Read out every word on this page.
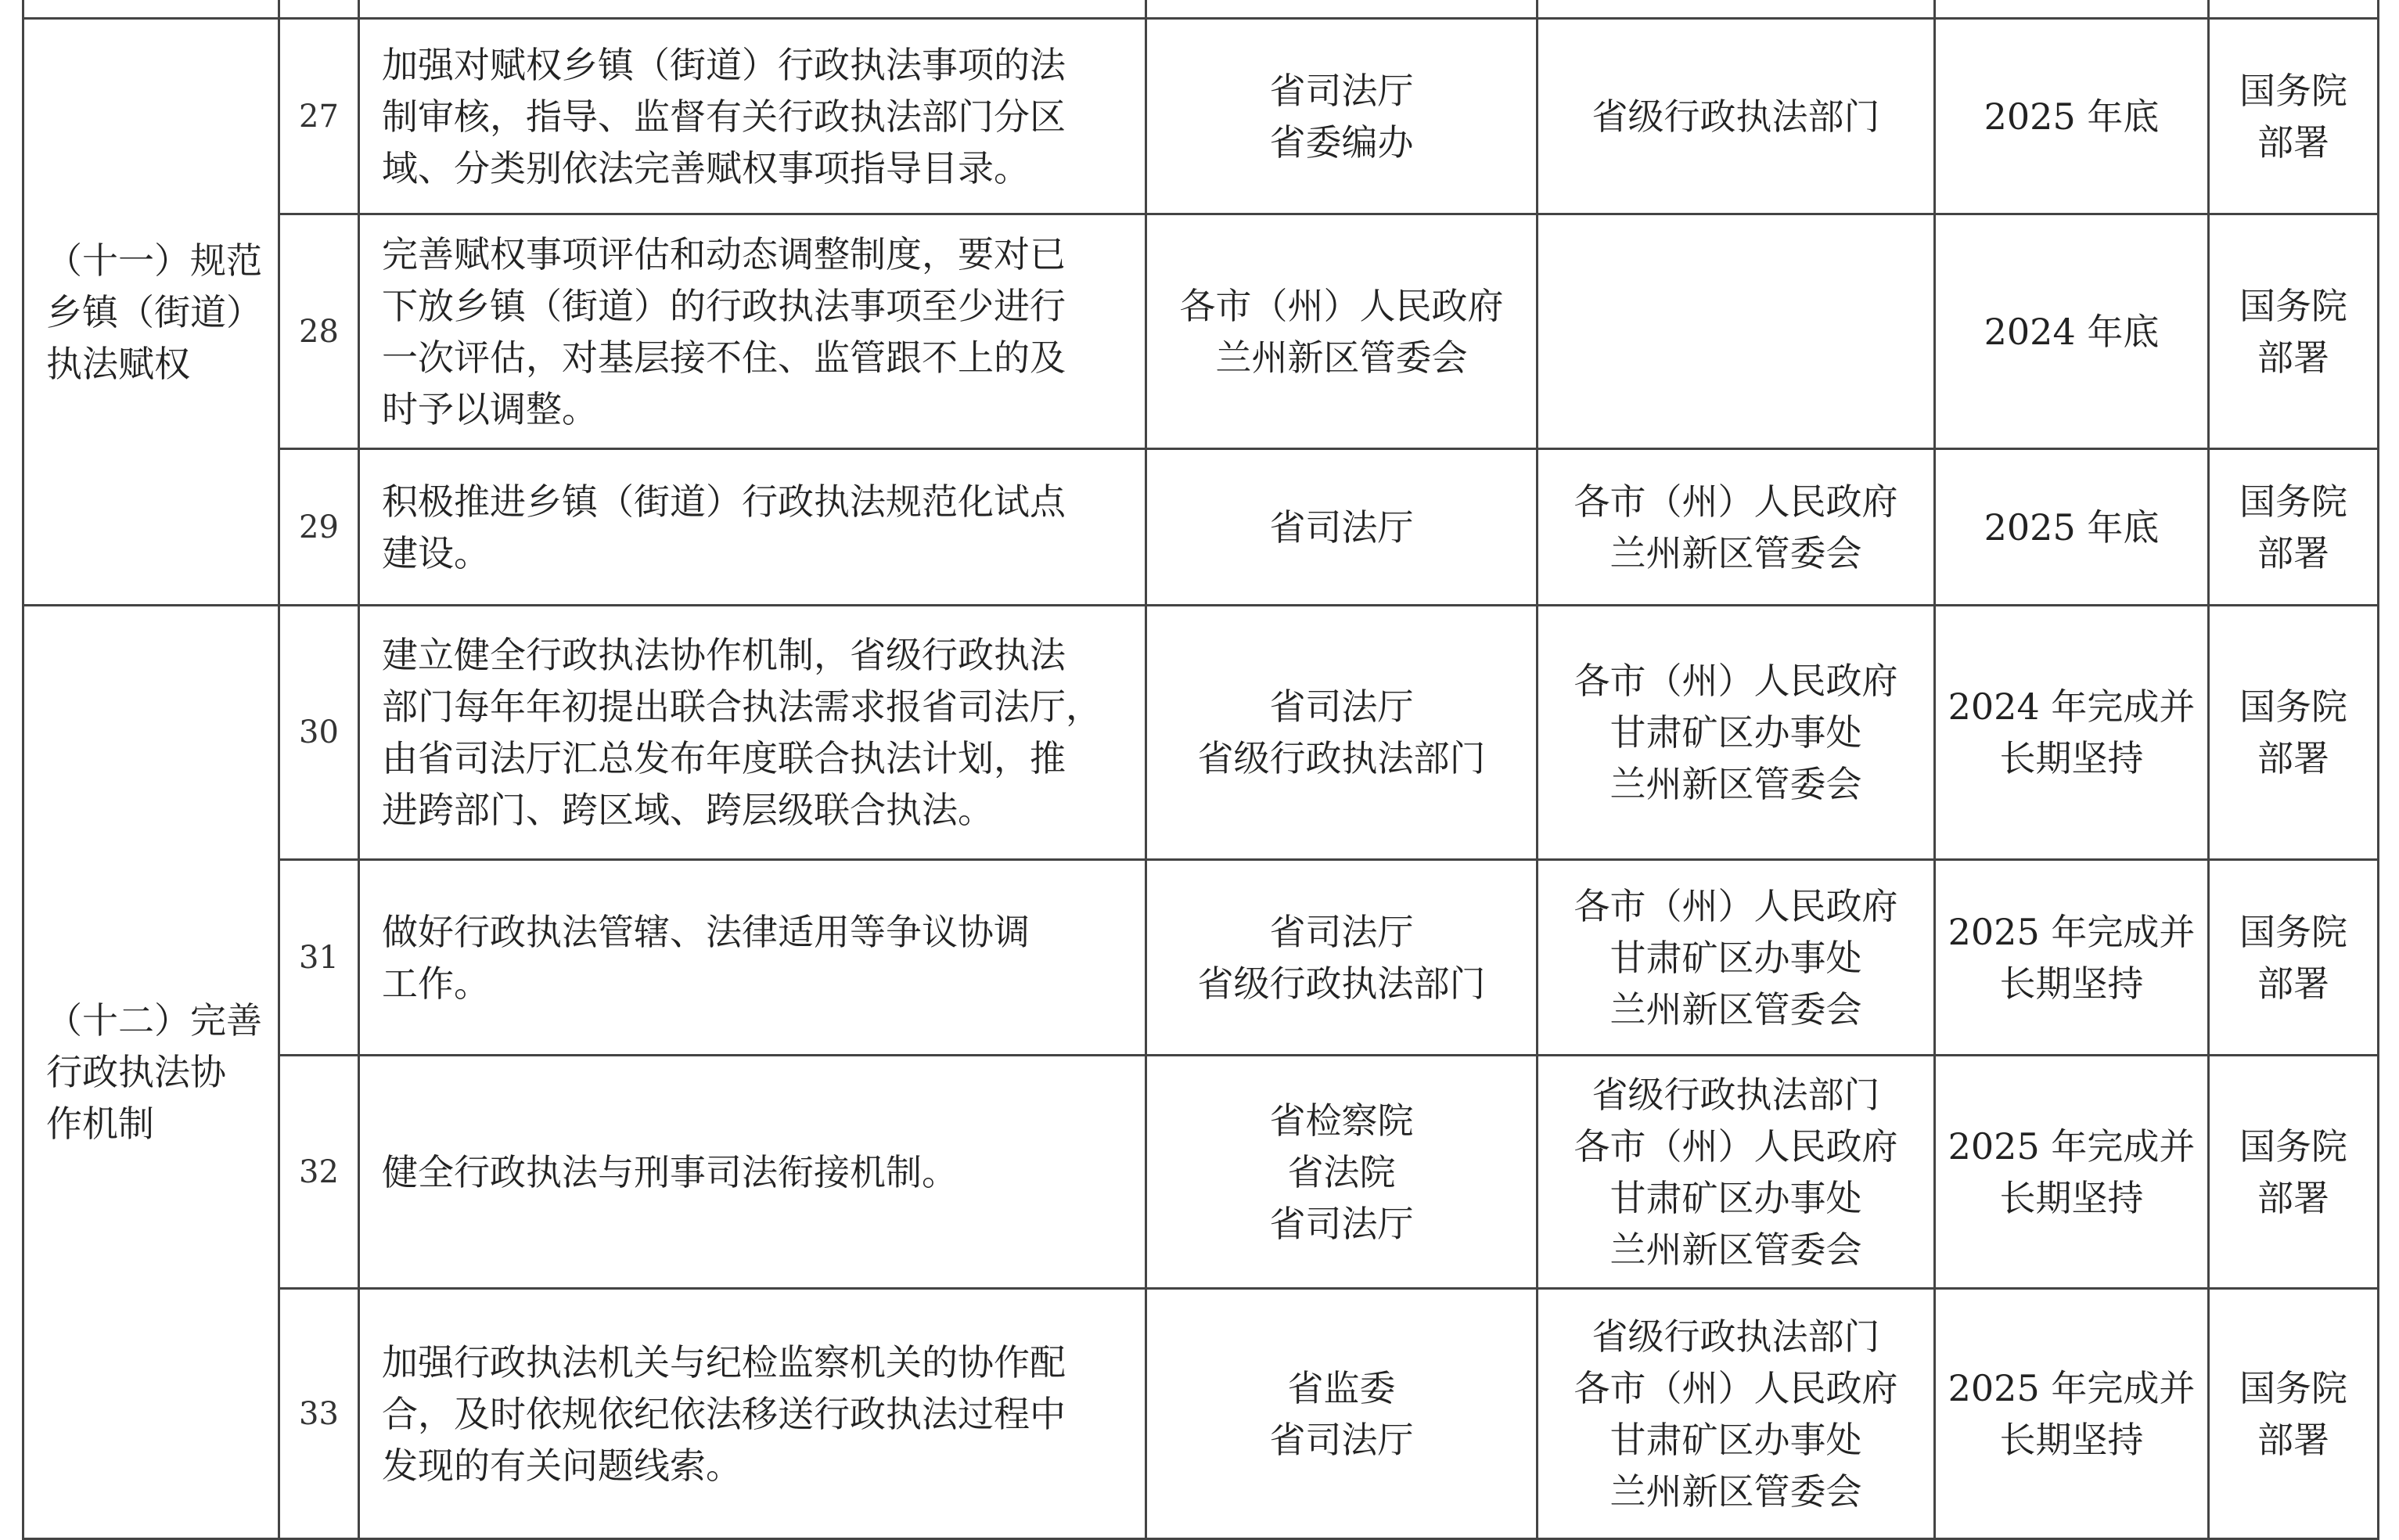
（十一）规范
乡镇（街道）
执法赋权	27	加强对赋权乡镇（街道）行政执法事项的法
制审核，指导、监督有关行政执法部门分区
域、分类别依法完善赋权事项指导目录。	省司法厅
省委编办	省级行政执法部门	2025 年底	国务院
部署

	28	完善赋权事项评估和动态调整制度，要对已
下放乡镇（街道）的行政执法事项至少进行
一次评估，对基层接不住、监管跟不上的及
时予以调整。	各市（州）人民政府
兰州新区管委会		2024 年底	国务院
部署

	29	积极推进乡镇（街道）行政执法规范化试点
建设。	省司法厅	各市（州）人民政府
兰州新区管委会	2025 年底	国务院
部署

（十二）完善
行政执法协
作机制	30	建立健全行政执法协作机制，省级行政执法
部门每年年初提出联合执法需求报省司法厅，
由省司法厅汇总发布年度联合执法计划，推
进跨部门、跨区域、跨层级联合执法。	省司法厅
省级行政执法部门	各市（州）人民政府
甘肃矿区办事处
兰州新区管委会	2024 年完成并
长期坚持	国务院
部署

	31	做好行政执法管辖、法律适用等争议协调
工作。	省司法厅
省级行政执法部门	各市（州）人民政府
甘肃矿区办事处
兰州新区管委会	2025 年完成并
长期坚持	国务院
部署

	32	健全行政执法与刑事司法衔接机制。	省检察院
省法院
省司法厅	省级行政执法部门
各市（州）人民政府
甘肃矿区办事处
兰州新区管委会	2025 年完成并
长期坚持	国务院
部署

	33	加强行政执法机关与纪检监察机关的协作配
合，及时依规依纪依法移送行政执法过程中
发现的有关问题线索。	省监委
省司法厅	省级行政执法部门
各市（州）人民政府
甘肃矿区办事处
兰州新区管委会	2025 年完成并
长期坚持	国务院
部署
